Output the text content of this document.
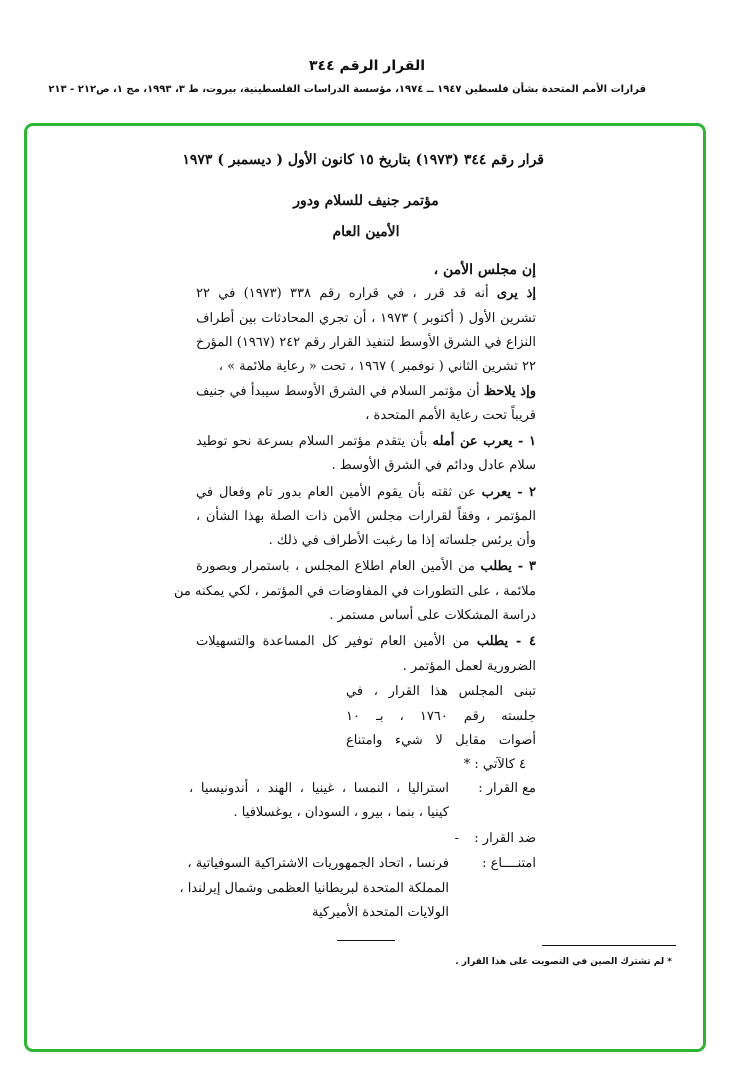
القرار الرقم ٣٤٤
قرارات الأمم المتحدة بشأن فلسطين ١٩٤٧ ــ ١٩٧٤، مؤسسة الدراسات الفلسطينية، بيروت، ط ٣، ١٩٩٣، مج ١، ص٢١٢ - ٢١٣
قرار رقم ٣٤٤ (١٩٧٣) بتاريخ ١٥ كانون الأول ( ديسمبر ) ١٩٧٣
مؤتمر جنيف للسلام ودور
الأمين العام
إن مجلس الأمن ،
إذ يرى أنه قد قرر ، في قراره رقم ٣٣٨ (١٩٧٣) في ٢٢
تشرين الأول ( أكتوبر ) ١٩٧٣ ، أن تجري المحادثات بين أطراف
النزاع في الشرق الأوسط لتنفيذ القرار رقم ٢٤٢ (١٩٦٧) المؤرخ
٢٢ تشرين الثاني ( نوفمبر ) ١٩٦٧ ، تحت « رعاية ملائمة » ،
وإذ يلاحظ أن مؤتمر السلام في الشرق الأوسط سيبدأ في جنيف
قريباً تحت رعاية الأمم المتحدة ،
١ - يعرب عن أمله بأن يتقدم مؤتمر السلام بسرعة نحو توطيد
سلام عادل ودائم في الشرق الأوسط .
٢ - يعرب عن ثقته بأن يقوم الأمين العام بدور تام وفعال في
المؤتمر ، وفقاً لقرارات مجلس الأمن ذات الصلة بهذا الشأن ،
وأن يرئس جلساته إذا ما رغبت الأطراف في ذلك .
٣ - يطلب من الأمين العام اطلاع المجلس ، باستمرار وبصورة
ملائمة ، على التطورات في المفاوضات في المؤتمر ، لكي يمكنه من
دراسة المشكلات على أساس مستمر .
٤ - يطلب من الأمين العام توفير كل المساعدة والتسهيلات
الضرورية لعمل المؤتمر .
تبنى المجلس هذا القرار ، في
جلسته رقم ١٧٦٠ ، بـ ١٠
أصوات مقابل لا شيء وامتناع
٤ كالآتي : *
مع القرار :
استراليا ، النمسا ، غينيا ، الهند ، أندونيسيا ،
كينيا ، بنما ، بيرو ، السودان ، يوغسلافيا .
ضد القرار :
-
امتنــــاع :
فرنسا ، اتحاد الجمهوريات الاشتراكية السوفياتية ،
المملكة المتحدة لبريطانيا العظمى وشمال إيرلندا ،
الولايات المتحدة الأميركية
* لم تشترك الصين في التصويت على هذا القرار .
